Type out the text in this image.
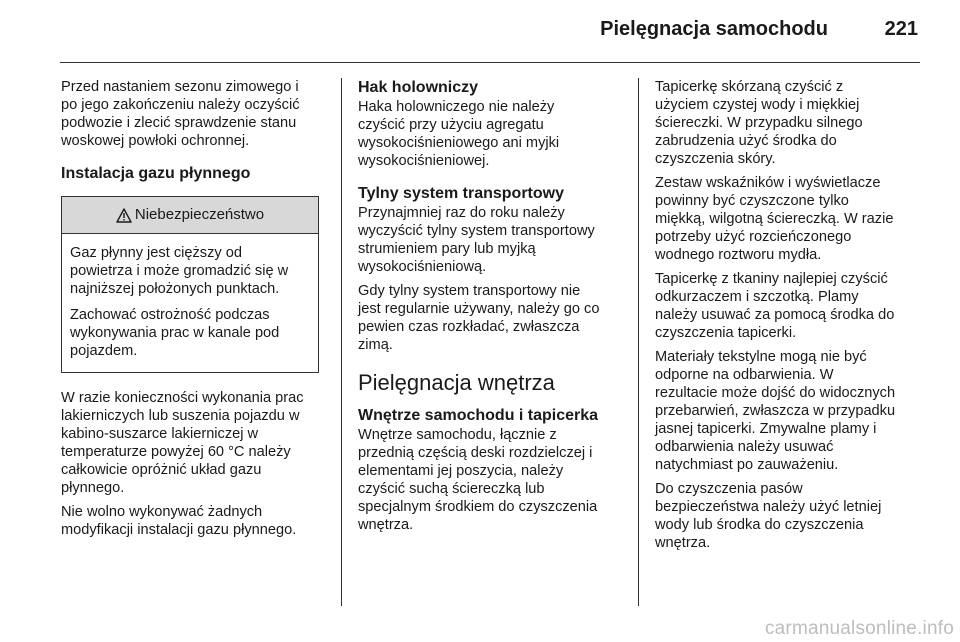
Pielęgnacja samochodu	221

Przed nastaniem sezonu zimowego i
po jego zakończeniu należy oczyścić
podwozie i zlecić sprawdzenie stanu
woskowej powłoki ochronnej.

Instalacja gazu płynnego
Niebezpieczeństwo

Gaz płynny jest cięższy od
powietrza i może gromadzić się w
najniższej położonych punktach.

Zachować ostrożność podczas
wykonywania prac w kanale pod
pojazdem.

W razie konieczności wykonania prac
lakierniczych lub suszenia pojazdu w
kabino-suszarce lakierniczej w
temperaturze powyżej 60 °C należy
całkowicie opróżnić układ gazu
płynnego.

Nie wolno wykonywać żadnych
modyfikacji instalacji gazu płynnego.

Hak holowniczy

Haka holowniczego nie należy
czyścić przy użyciu agregatu
wysokociśnieniowego ani myjki
wysokociśnieniowej.

Tylny system transportowy

Przynajmniej raz do roku należy
wyczyścić tylny system transportowy
strumieniem pary lub myjką
wysokociśnieniową.

Gdy tylny system transportowy nie
jest regularnie używany, należy go co
pewien czas rozkładać, zwłaszcza
zimą.

Pielęgnacja wnętrza
Wnętrze samochodu i tapicerka

Wnętrze samochodu, łącznie z
przednią częścią deski rozdzielczej i
elementami jej poszycia, należy
czyścić suchą ściereczką lub
specjalnym środkiem do czyszczenia
wnętrza.

Tapicerkę skórzaną czyścić z
użyciem czystej wody i miękkiej
ściereczki. W przypadku silnego
zabrudzenia użyć środka do
czyszczenia skóry.

Zestaw wskaźników i wyświetlacze
powinny być czyszczone tylko
miękką, wilgotną ściereczką. W razie
potrzeby użyć rozcieńczonego
wodnego roztworu mydła.

Tapicerkę z tkaniny najlepiej czyścić
odkurzaczem i szczotką. Plamy
należy usuwać za pomocą środka do
czyszczenia tapicerki.

Materiały tekstylne mogą nie być
odporne na odbarwienia. W
rezultacie może dojść do widocznych
przebarwień, zwłaszcza w przypadku
jasnej tapicerki. Zmywalne plamy i
odbarwienia należy usuwać
natychmiast po zauważeniu.

Do czyszczenia pasów
bezpieczeństwa należy użyć letniej
wody lub środka do czyszczenia
wnętrza.

carmanualsonline.info
